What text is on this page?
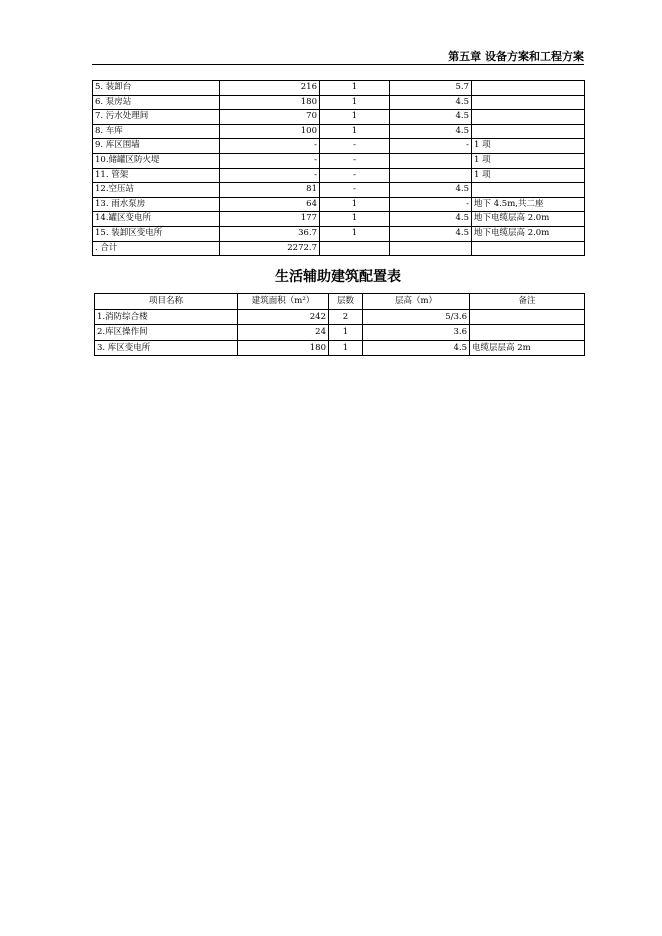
第五章 设备方案和工程方案
5. 装卸台	216	1	5.7	
6. 泵房站	180	1	4.5	
7. 污水处理间	70	1	4.5	
8. 车库	100	1	4.5	
9. 库区围墙	-	-	-	1 项
10.储罐区防火堤	-	-		1 项
11. 管架	-	-		1 项
12.空压站	81	-	4.5	
13. 雨水泵房	64	1	-	地下 4.5m,共二座
14.罐区变电所	177	1	4.5	地下电缆层高 2.0m
15. 装卸区变电所	36.7	1	4.5	地下电缆层高 2.0m
. 合计	2272.7			
生活辅助建筑配置表
项目名称	建筑面积（m²）	层数	层高（m）	备注
1.消防综合楼	242	2	5/3.6	
2.库区操作间	24	1	3.6	
3. 库区变电所	180	1	4.5	电缆层层高 2m
